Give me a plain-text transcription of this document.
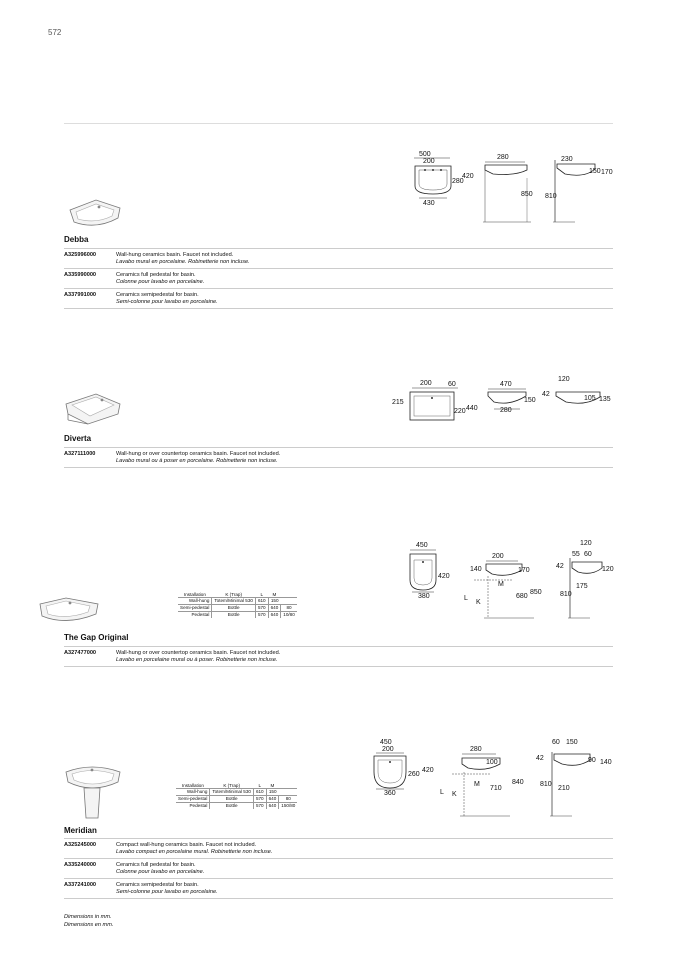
572
500
200
280
420
430
280
850 810
230
150 170
Debba
A325996000	Wall-hung ceramics basin. Faucet not included.
Lavabo mural en porcelaine. Robinetterie non incluse.
A335990000	Ceramics full pedestal for basin.
Colonne pour lavabo en porcelaine.
A337991000	Ceramics semipedestal for basin.
Semi-colonne pour lavabo en porcelaine.
200 60
215
220 440
470
150
280
120
42
105 135
Diverta
A327111000	Wall-hung or over countertop ceramics basin. Faucet not included.
Lavabo mural ou à poser en porcelaine. Robinetterie non incluse.
Installation	K (Trap)	L	M	
Wall-hung	Totem/Minimal 530	610	150	
Semi-pedestal	Bottle	570	640	80
Pedestal	Bottle	570	640	10/80
450
420
380
200
140	170
M
L
K
680
850	810
120
55 60
42	120
175
The Gap Original
A327477000	Wall-hung or over countertop ceramics basin. Faucet not included.
Lavabo en porcelaine mural ou à poser. Robinetterie non incluse.
Installation	K (Trap)	L	M	
Wall-hung	Totem/Minimal 530	610	150	
Semi-pedestal	Bottle	570	640	80
Pedestal	Bottle	570	640	150/80
450
200
260
420
360
280
100
M
L K
710
840
60 150
42	90 140
810
210
Meridian
A325245000	Compact wall-hung ceramics basin. Faucet not included.
Lavabo compact en porcelaine mural. Robinetterie non incluse.
A335240000	Ceramics full pedestal for basin.
Colonne pour lavabo en porcelaine.
A337241000	Ceramics semipedestal for basin.
Semi-colonne pour lavabo en porcelaine.
Dimensions in mm.
Dimensions en mm.
